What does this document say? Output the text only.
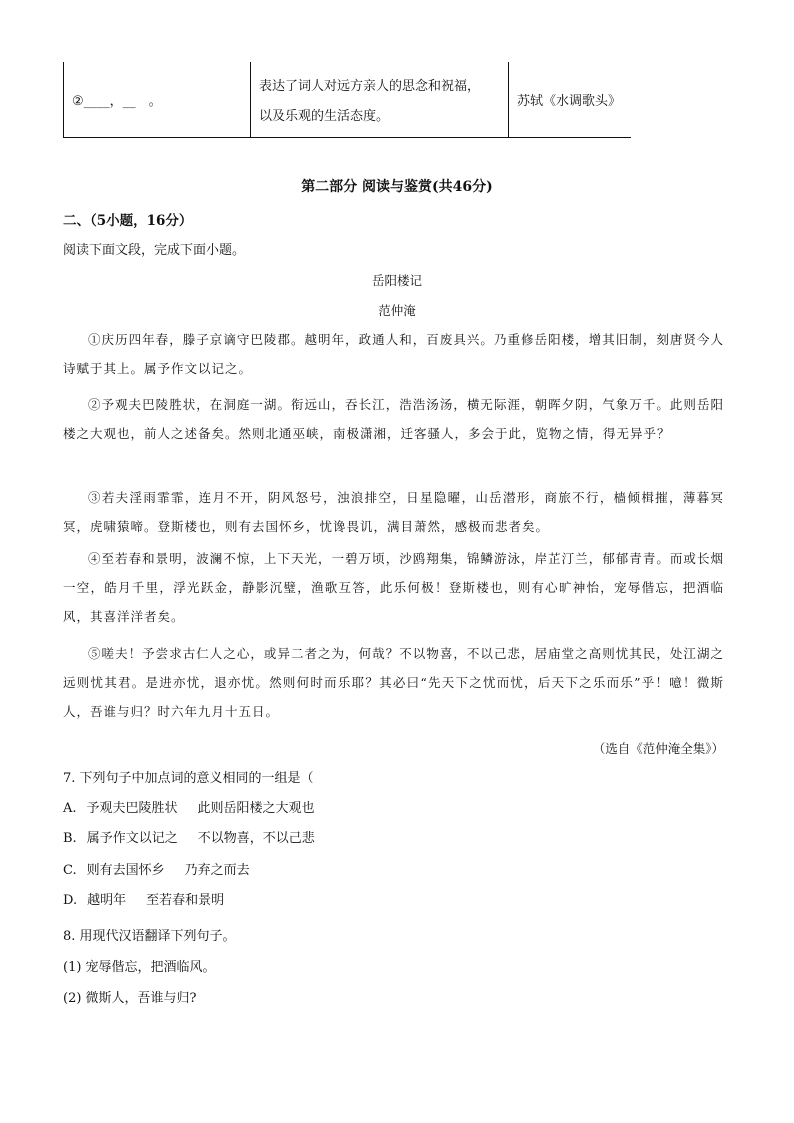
②____，__　。
表达了词人对远方亲人的思念和祝福，
以及乐观的生活态度。
苏轼《水调歌头》
第二部分 阅读与鉴赏(共46分)
二、（5小题，16分）
阅读下面文段，完成下面小题。
岳阳楼记
范仲淹
①庆历四年春，滕子京谪守巴陵郡。越明年，政通人和，百废具兴。乃重修岳阳楼，增其旧制，刻唐贤今人诗赋于其上。属予作文以记之。
②予观夫巴陵胜状，在洞庭一湖。衔远山，吞长江，浩浩汤汤，横无际涯，朝晖夕阴，气象万千。此则岳阳楼之大观也，前人之述备矣。然则北通巫峡，南极潇湘，迁客骚人，多会于此，览物之情，得无异乎？
③若夫淫雨霏霏，连月不开，阴风怒号，浊浪排空，日星隐曜，山岳潜形，商旅不行，樯倾楫摧，薄暮冥冥，虎啸猿啼。登斯楼也，则有去国怀乡，忧谗畏讥，满目萧然，感极而悲者矣。
④至若春和景明，波澜不惊，上下天光，一碧万顷，沙鸥翔集，锦鳞游泳，岸芷汀兰，郁郁青青。而或长烟一空，皓月千里，浮光跃金，静影沉璧，渔歌互答，此乐何极！登斯楼也，则有心旷神怡，宠辱偕忘，把酒临风，其喜洋洋者矣。
⑤嗟夫！予尝求古仁人之心，或异二者之为，何哉？不以物喜，不以己悲，居庙堂之高则忧其民，处江湖之远则忧其君。是进亦忧，退亦忧。然则何时而乐耶？其必曰“先天下之忧而忧，后天下之乐而乐”乎！噫！微斯人，吾谁与归？时六年九月十五日。
（选自《范仲淹全集》）
7. 下列句子中加点词的意义相同的一组是（
A. 予观夫巴陵胜状 此则岳阳楼之大观也
B. 属予作文以记之 不以物喜，不以己悲
C. 则有去国怀乡 乃弃之而去
D. 越明年 至若春和景明
8. 用现代汉语翻译下列句子。
(1) 宠辱偕忘，把酒临风。
(2) 微斯人，吾谁与归?
